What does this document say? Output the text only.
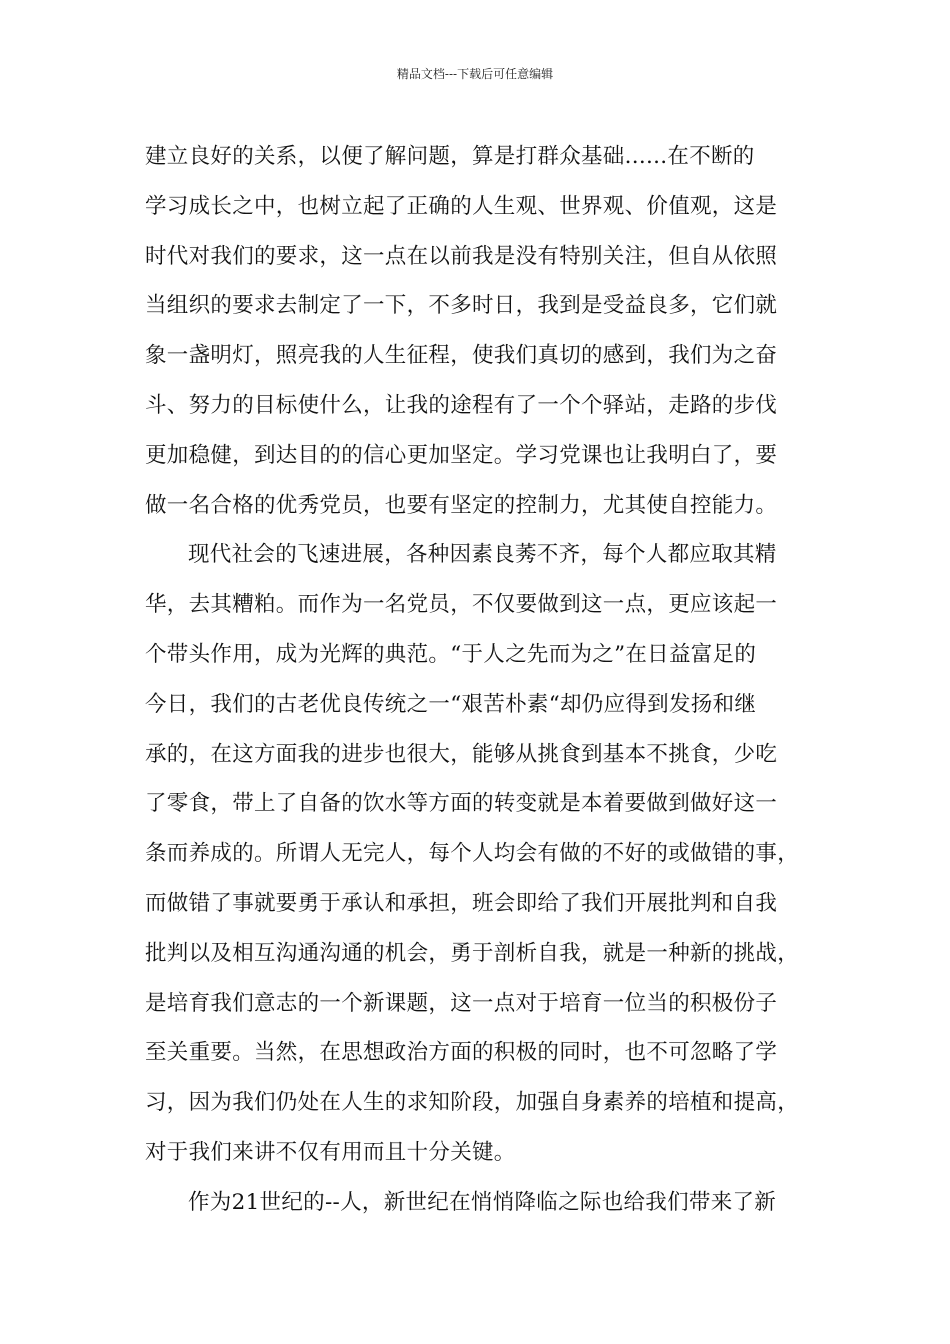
精品文档---下载后可任意编辑

建立良好的关系，以便了解问题，算是打群众基础......在不断的
学习成长之中，也树立起了正确的人生观、世界观、价值观，这是
时代对我们的要求，这一点在以前我是没有特别关注，但自从依照
当组织的要求去制定了一下，不多时日，我到是受益良多，它们就
象一盏明灯，照亮我的人生征程，使我们真切的感到，我们为之奋
斗、努力的目标使什么，让我的途程有了一个个驿站，走路的步伐
更加稳健，到达目的的信心更加坚定。学习党课也让我明白了，要
做一名合格的优秀党员，也要有坚定的控制力，尤其使自控能力。

现代社会的飞速进展，各种因素良莠不齐，每个人都应取其精
华，去其糟粕。而作为一名党员，不仅要做到这一点，更应该起一
个带头作用，成为光辉的典范。“于人之先而为之”在日益富足的
今日，我们的古老优良传统之一“艰苦朴素“却仍应得到发扬和继
承的，在这方面我的进步也很大，能够从挑食到基本不挑食，少吃
了零食，带上了自备的饮水等方面的转变就是本着要做到做好这一
条而养成的。所谓人无完人，每个人均会有做的不好的或做错的事，
而做错了事就要勇于承认和承担，班会即给了我们开展批判和自我
批判以及相互沟通沟通的机会，勇于剖析自我，就是一种新的挑战，
是培育我们意志的一个新课题，这一点对于培育一位当的积极份子
至关重要。当然，在思想政治方面的积极的同时，也不可忽略了学
习，因为我们仍处在人生的求知阶段，加强自身素养的培植和提高，
对于我们来讲不仅有用而且十分关键。

作为21世纪的--人，新世纪在悄悄降临之际也给我们带来了新
